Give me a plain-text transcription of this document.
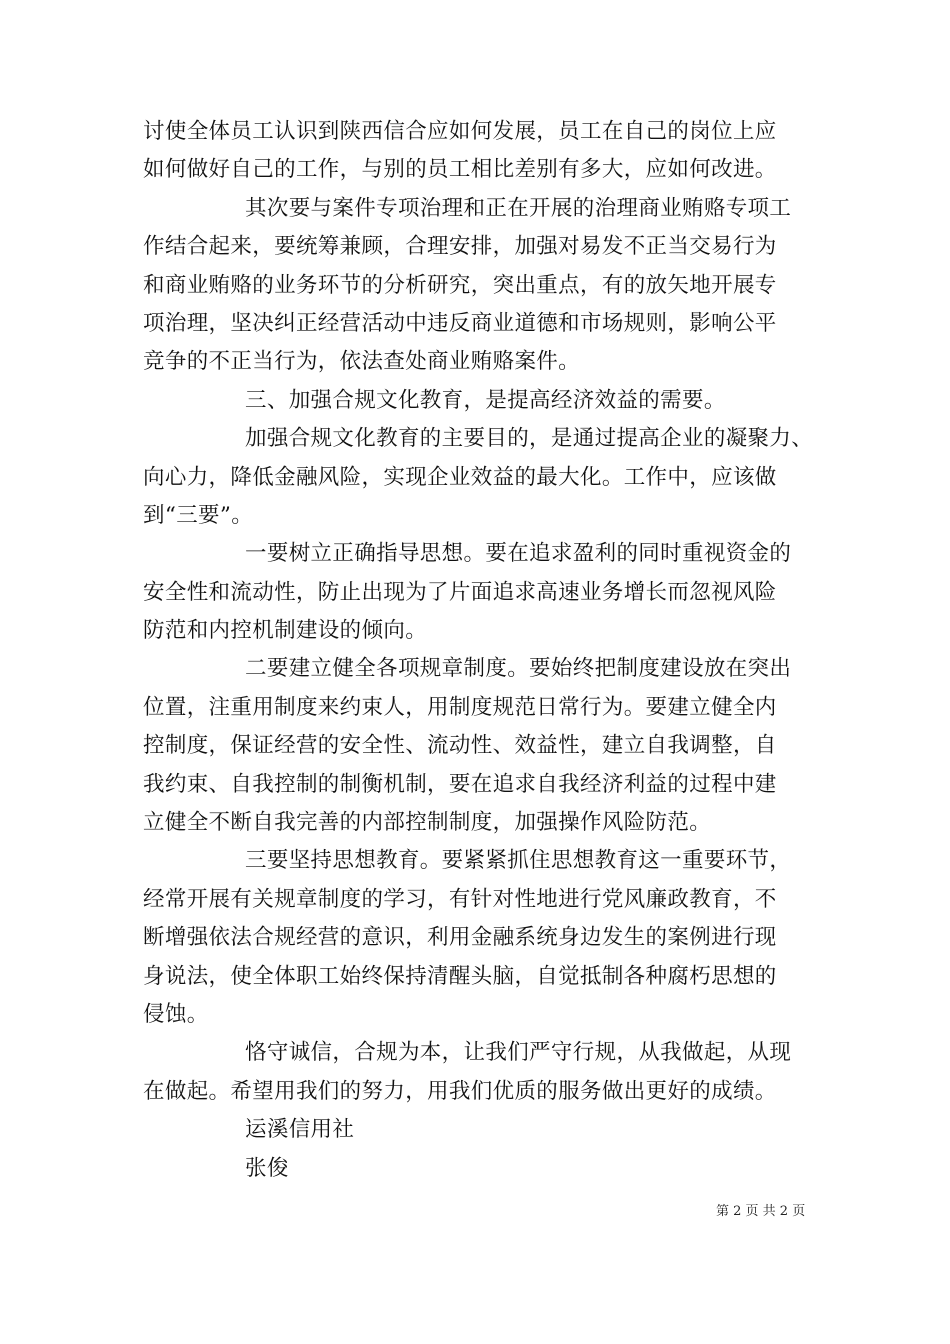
讨使全体员工认识到陕西信合应如何发展，员工在自己的岗位上应
如何做好自己的工作，与别的员工相比差别有多大，应如何改进。
其次要与案件专项治理和正在开展的治理商业贿赂专项工
作结合起来，要统筹兼顾，合理安排，加强对易发不正当交易行为
和商业贿赂的业务环节的分析研究，突出重点，有的放矢地开展专
项治理，坚决纠正经营活动中违反商业道德和市场规则，影响公平
竞争的不正当行为，依法查处商业贿赂案件。
三、加强合规文化教育，是提高经济效益的需要。
加强合规文化教育的主要目的，是通过提高企业的凝聚力、
向心力，降低金融风险，实现企业效益的最大化。工作中，应该做
到“三要”。
一要树立正确指导思想。要在追求盈利的同时重视资金的
安全性和流动性，防止出现为了片面追求高速业务增长而忽视风险
防范和内控机制建设的倾向。
二要建立健全各项规章制度。要始终把制度建设放在突出
位置，注重用制度来约束人，用制度规范日常行为。要建立健全内
控制度，保证经营的安全性、流动性、效益性，建立自我调整，自
我约束、自我控制的制衡机制，要在追求自我经济利益的过程中建
立健全不断自我完善的内部控制制度，加强操作风险防范。
三要坚持思想教育。要紧紧抓住思想教育这一重要环节，
经常开展有关规章制度的学习，有针对性地进行党风廉政教育，不
断增强依法合规经营的意识，利用金融系统身边发生的案例进行现
身说法，使全体职工始终保持清醒头脑，自觉抵制各种腐朽思想的
侵蚀。
恪守诚信，合规为本，让我们严守行规，从我做起，从现
在做起。希望用我们的努力，用我们优质的服务做出更好的成绩。
运溪信用社
张俊
第 2 页 共 2 页
